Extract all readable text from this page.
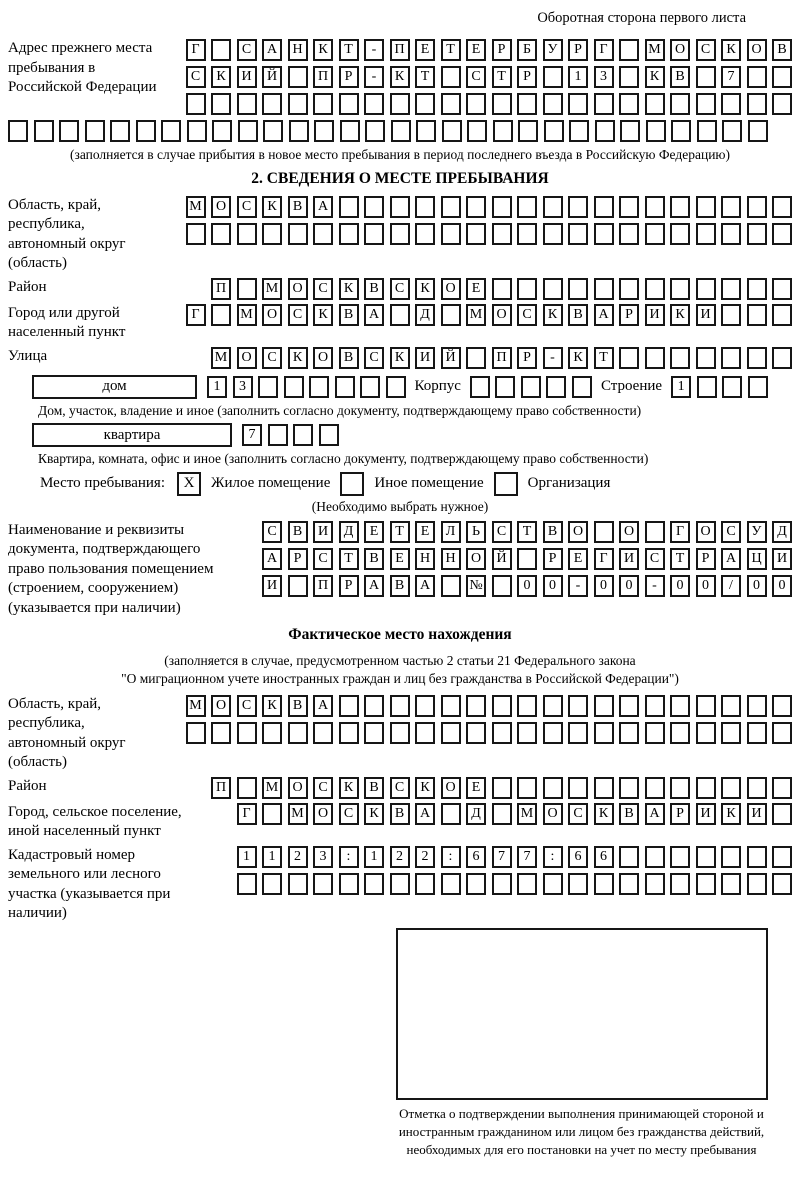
Оборотная сторона первого листа
Адрес прежнего места пребывания в Российской Федерации
Г	С	А	Н	К	Т	-	П	Е	Т	Е	Р	Б	У	Р	Г	М	О	С	К	О	В
С	К	И	Й	П	Р	-	К	Т	С	Т	Р	1	3	К	В	7
(заполняется в случае прибытия в новое место пребывания в период последнего въезда в Российскую Федерацию)
2. СВЕДЕНИЯ О МЕСТЕ ПРЕБЫВАНИЯ
Область, край, республика, автономный округ (область)
М	О	С	К	В	А
Район	П	М	О	С	К	В	С	К	О	Е
Город или другой населенный пункт
Г	М	О	С	К	В	А	Д	М	О	С	К	В	А	Р	И	К	И
Улица	М	О	С	К	О	В	С	К	И	Й	П	Р	-	К	Т
дом	1	3	Корпус	Строение	1
Дом, участок, владение и иное (заполнить согласно документу, подтверждающему право собственности)
квартира	7
Квартира, комната, офис и иное (заполнить согласно документу, подтверждающему право собственности)
Место пребывания:	X	Жилое помещение	Иное помещение	Организация
(Необходимо выбрать нужное)
Наименование и реквизиты документа, подтверждающего право пользования помещением (строением, сооружением) (указывается при наличии)
С	В	И	Д	Е	Т	Е	Л	Ь	С	Т	В	О	О	Г	О	С	У	Д
А	Р	С	Т	В	Е	Н	Н	О	Й	Р	Е	Г	И	С	Т	Р	А	Ц	И
И	П	Р	А	В	А	№	0	0	-	0	0	-	0	0	/	0	0
Фактическое место нахождения
(заполняется в случае, предусмотренном частью 2 статьи 21 Федерального закона
"О миграционном учете иностранных граждан и лиц без гражданства в Российской Федерации")
Область, край, республика, автономный округ (область)
М	О	С	К	В	А
Район	П	М	О	С	К	В	С	К	О	Е
Город, сельское поселение, иной населенный пункт
Г	М	О	С	К	В	А	Д	М	О	С	К	В	А	Р	И	К	И
Кадастровый номер земельного или лесного участка (указывается при наличии)
1	1	2	3	:	1	2	2	:	6	7	7	:	6	6
Отметка о подтверждении выполнения принимающей стороной и иностранным гражданином или лицом без гражданства действий, необходимых для его постановки на учет по месту пребывания
